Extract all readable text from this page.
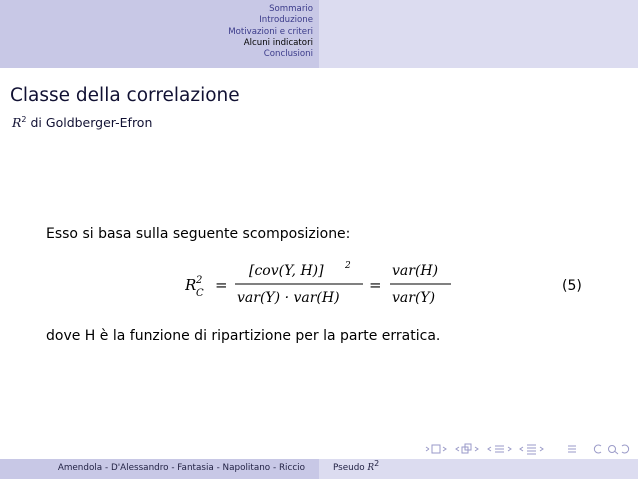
Sommario
Introduzione
Motivazioni e criteri
Alcuni indicatori
Conclusioni
Classe della correlazione
$R^2$ di Goldberger-Efron
Esso si basa sulla seguente scomposizione:
R 2
C =
[cov(Y, H)] 2
var(Y) · var(H)
=
var(H)
var(Y)
(5)
dove H è la funzione di ripartizione per la parte erratica.
Amendola - D'Alessandro - Fantasia - Napolitano - Riccio	Pseudo R2
